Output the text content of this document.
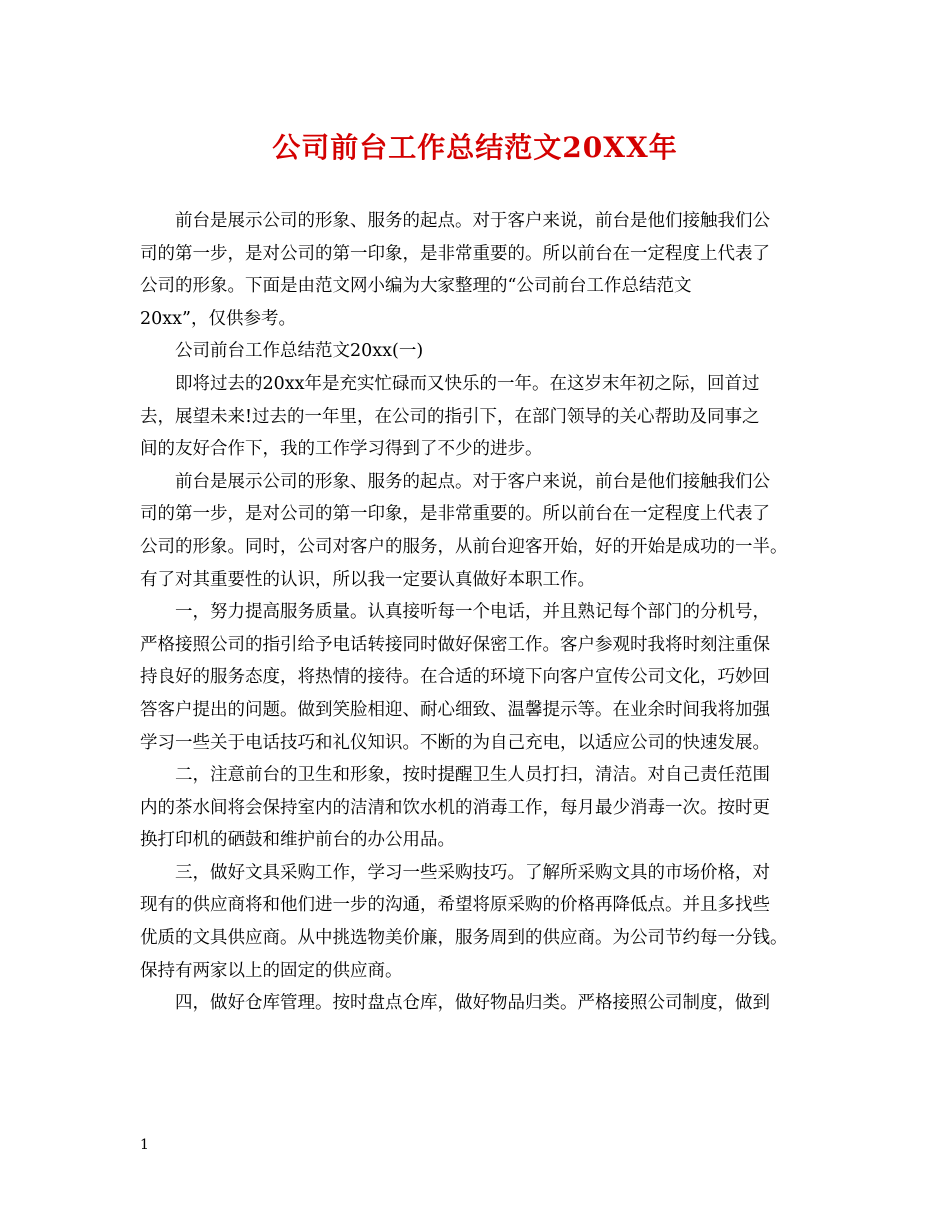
公司前台工作总结范文20XX年
前台是展示公司的形象、服务的起点。对于客户来说，前台是他们接触我们公
司的第一步，是对公司的第一印象，是非常重要的。所以前台在一定程度上代表了
公司的形象。下面是由范文网小编为大家整理的“公司前台工作总结范文
20xx”，仅供参考。
公司前台工作总结范文20xx(一)
即将过去的20xx年是充实忙碌而又快乐的一年。在这岁末年初之际，回首过
去，展望未来!过去的一年里，在公司的指引下，在部门领导的关心帮助及同事之
间的友好合作下，我的工作学习得到了不少的进步。
前台是展示公司的形象、服务的起点。对于客户来说，前台是他们接触我们公
司的第一步，是对公司的第一印象，是非常重要的。所以前台在一定程度上代表了
公司的形象。同时，公司对客户的服务，从前台迎客开始，好的开始是成功的一半。
有了对其重要性的认识，所以我一定要认真做好本职工作。
一，努力提高服务质量。认真接听每一个电话，并且熟记每个部门的分机号，
严格接照公司的指引给予电话转接同时做好保密工作。客户参观时我将时刻注重保
持良好的服务态度，将热情的接待。在合适的环境下向客户宣传公司文化，巧妙回
答客户提出的问题。做到笑脸相迎、耐心细致、温馨提示等。在业余时间我将加强
学习一些关于电话技巧和礼仪知识。不断的为自己充电，以适应公司的快速发展。
二，注意前台的卫生和形象，按时提醒卫生人员打扫，清洁。对自己责任范围
内的茶水间将会保持室内的洁清和饮水机的消毒工作，每月最少消毒一次。按时更
换打印机的硒鼓和维护前台的办公用品。
三，做好文具采购工作，学习一些采购技巧。了解所采购文具的市场价格，对
现有的供应商将和他们进一步的沟通，希望将原采购的价格再降低点。并且多找些
优质的文具供应商。从中挑选物美价廉，服务周到的供应商。为公司节约每一分钱。
保持有两家以上的固定的供应商。
四，做好仓库管理。按时盘点仓库，做好物品归类。严格接照公司制度，做到
1
